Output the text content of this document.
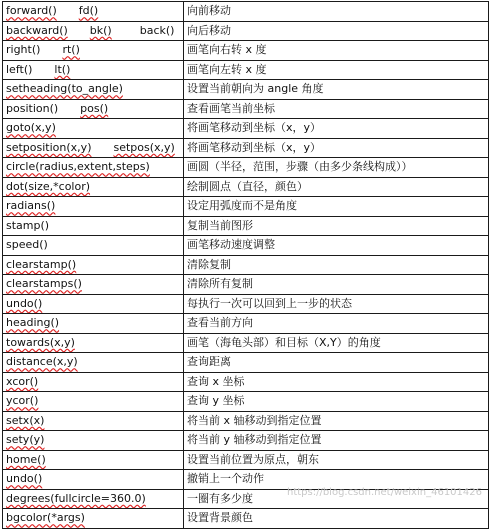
forward() fd()	向前移动
backward() bk() back()	向后移动
right() rt()	画笔向右转 x 度
left() lt()	画笔向左转 x 度
setheading(to_angle)	设置当前朝向为 angle 角度
position() pos()	查看画笔当前坐标
goto(x,y)	将画笔移动到坐标（x，y）
setposition(x,y) setpos(x,y)	将画笔移动到坐标（x，y）
circle(radius,extent,steps)	画圆（半径，范围，步骤（由多少条线构成））
dot(size,*color)	绘制圆点（直径，颜色）
radians()	设定用弧度而不是角度
stamp()	复制当前图形
speed()	画笔移动速度调整
clearstamp()	清除复制
clearstamps()	清除所有复制
undo()	每执行一次可以回到上一步的状态
heading()	查看当前方向
towards(x,y)	画笔（海龟头部）和目标（X,Y）的角度
distance(x,y)	查询距离
xcor()	查询 x 坐标
ycor()	查询 y 坐标
setx(x)	将当前 x 轴移动到指定位置
sety(y)	将当前 y 轴移动到指定位置
home()	设置当前位置为原点，朝东
undo()	撤销上一个动作
degrees(fullcircle=360.0)	一圈有多少度
bgcolor(*args)	设置背景颜色
https://blog.csdn.net/weixin_46101426
